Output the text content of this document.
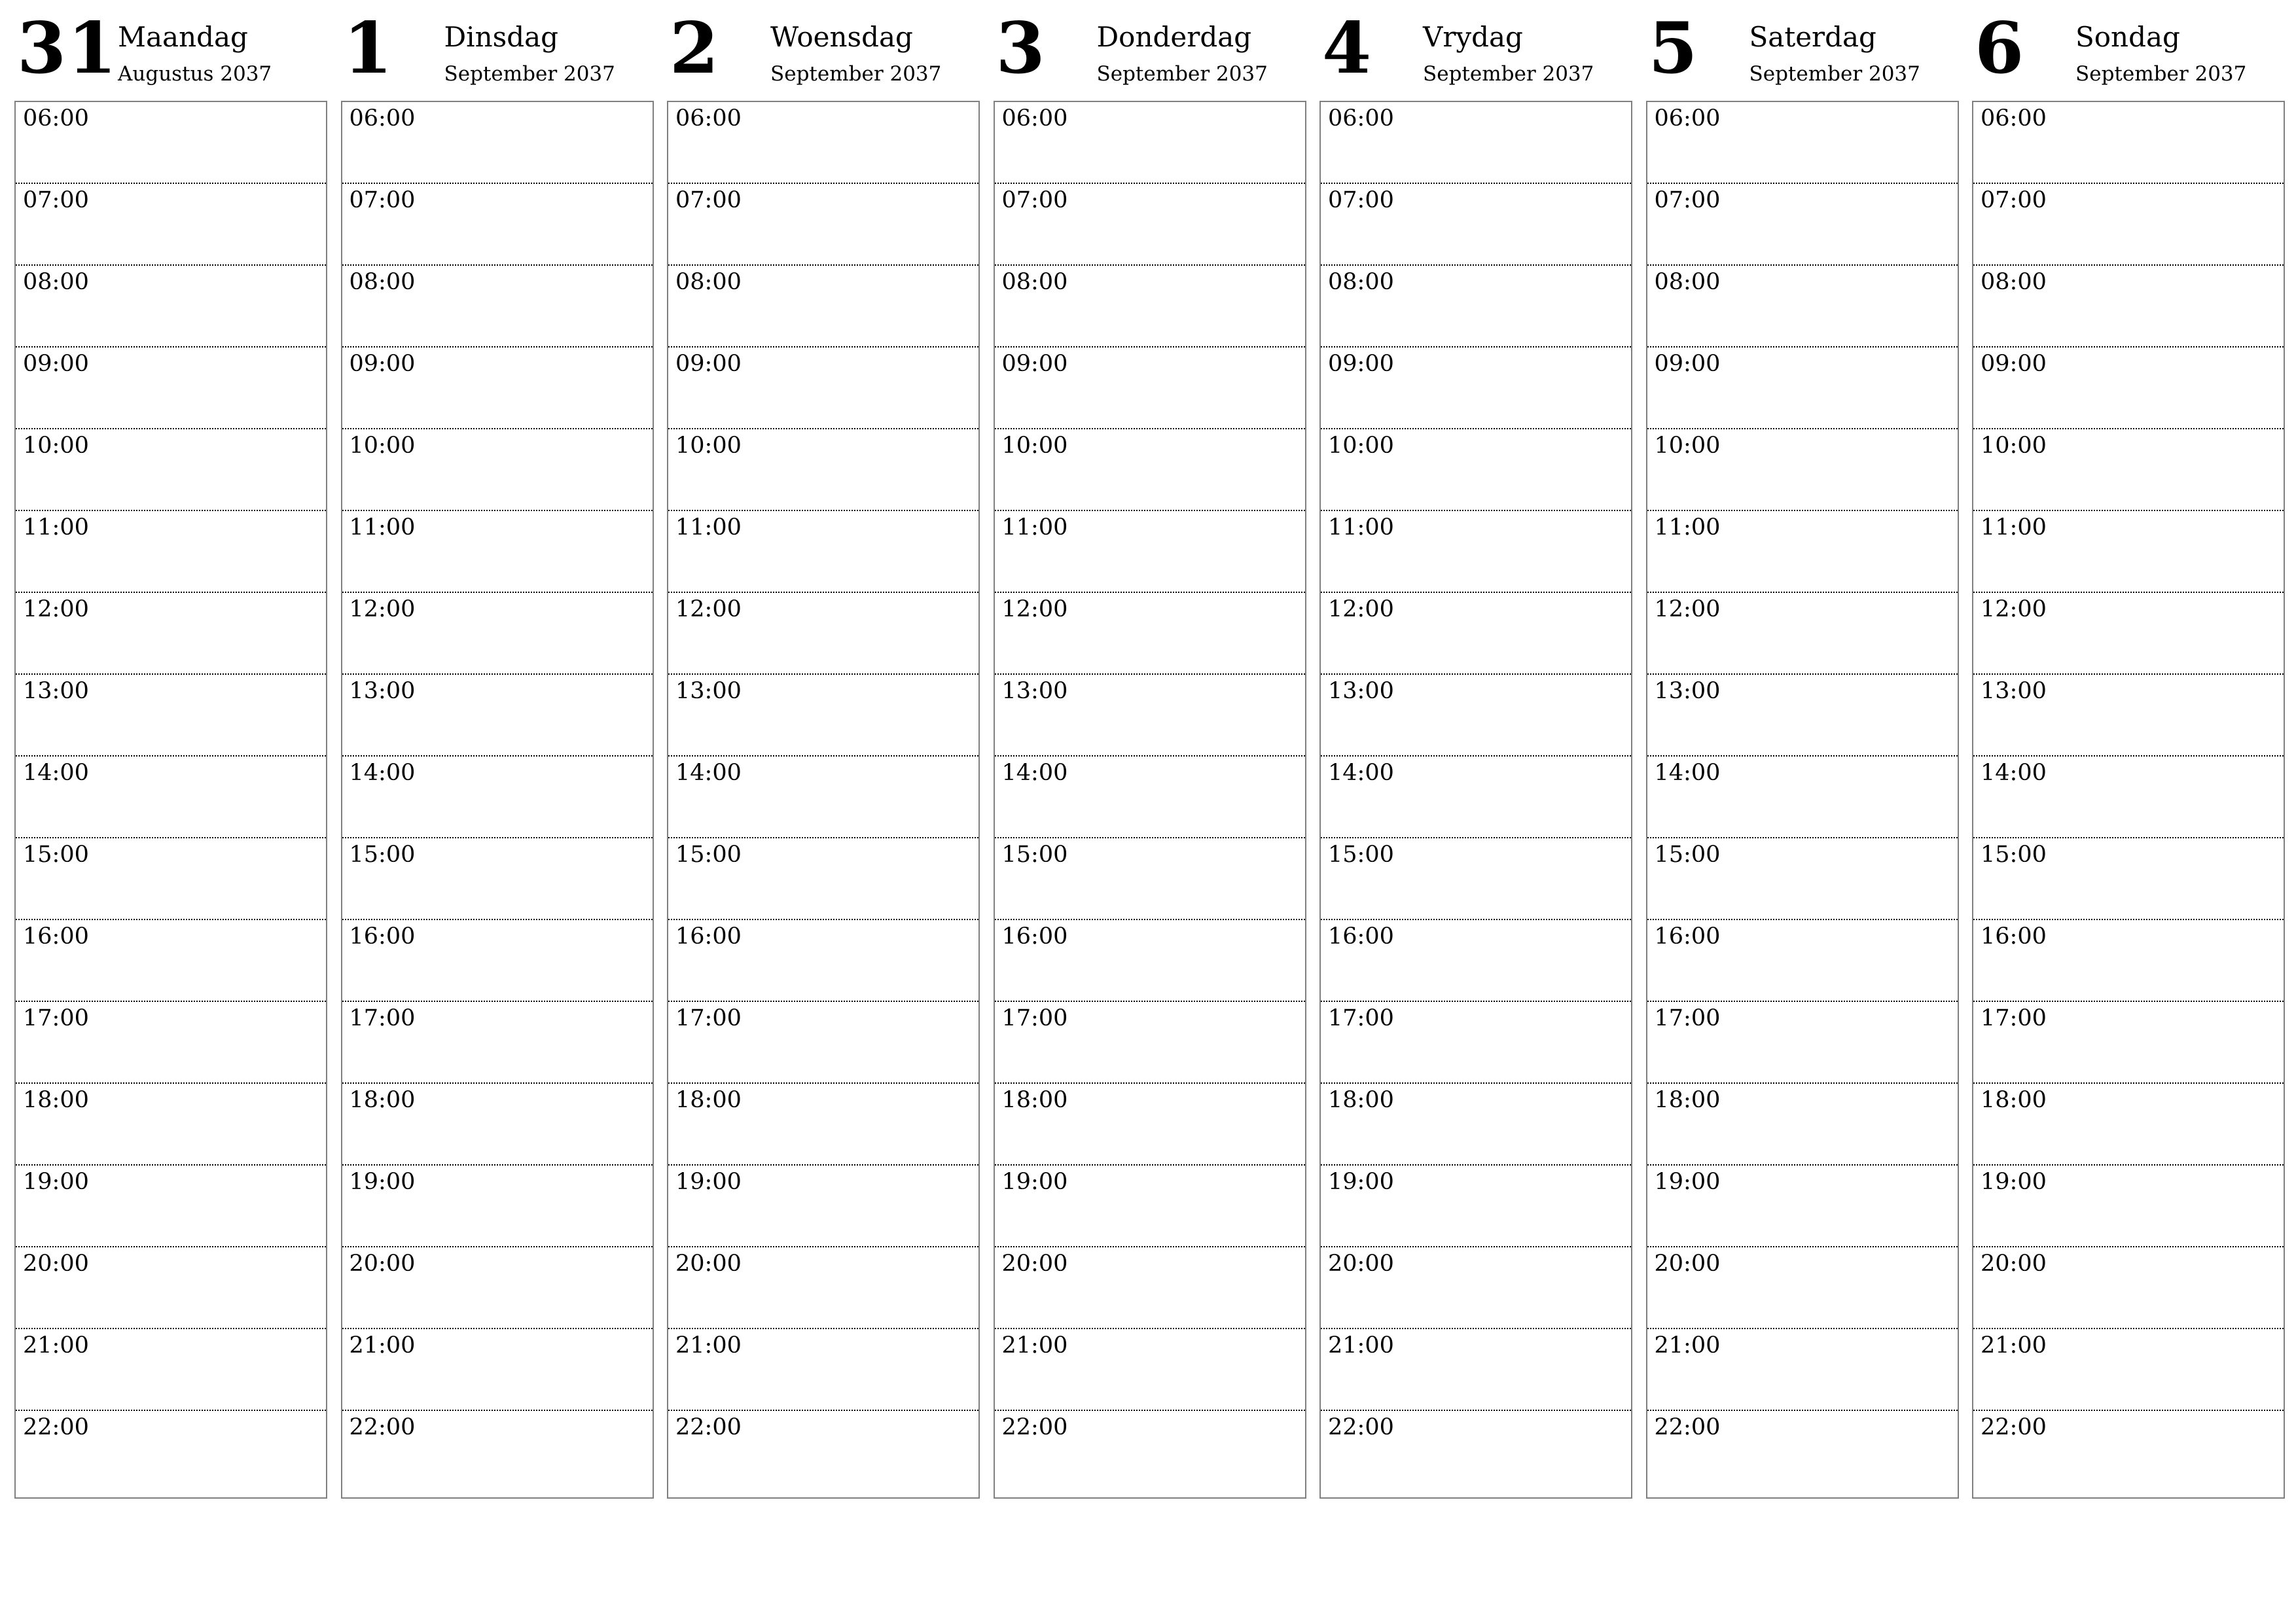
31 Maandag
Augustus 2037
06:00
07:00
08:00
09:00
10:00
11:00
12:00
13:00
14:00
15:00
16:00
17:00
18:00
19:00
20:00
21:00
22:00
1 Dinsdag
September 2037
06:00
07:00
08:00
09:00
10:00
11:00
12:00
13:00
14:00
15:00
16:00
17:00
18:00
19:00
20:00
21:00
22:00
2 Woensdag
September 2037
06:00
07:00
08:00
09:00
10:00
11:00
12:00
13:00
14:00
15:00
16:00
17:00
18:00
19:00
20:00
21:00
22:00
3 Donderdag
September 2037
06:00
07:00
08:00
09:00
10:00
11:00
12:00
13:00
14:00
15:00
16:00
17:00
18:00
19:00
20:00
21:00
22:00
4 Vrydag
September 2037
06:00
07:00
08:00
09:00
10:00
11:00
12:00
13:00
14:00
15:00
16:00
17:00
18:00
19:00
20:00
21:00
22:00
5 Saterdag
September 2037
06:00
07:00
08:00
09:00
10:00
11:00
12:00
13:00
14:00
15:00
16:00
17:00
18:00
19:00
20:00
21:00
22:00
6 Sondag
September 2037
06:00
07:00
08:00
09:00
10:00
11:00
12:00
13:00
14:00
15:00
16:00
17:00
18:00
19:00
20:00
21:00
22:00
